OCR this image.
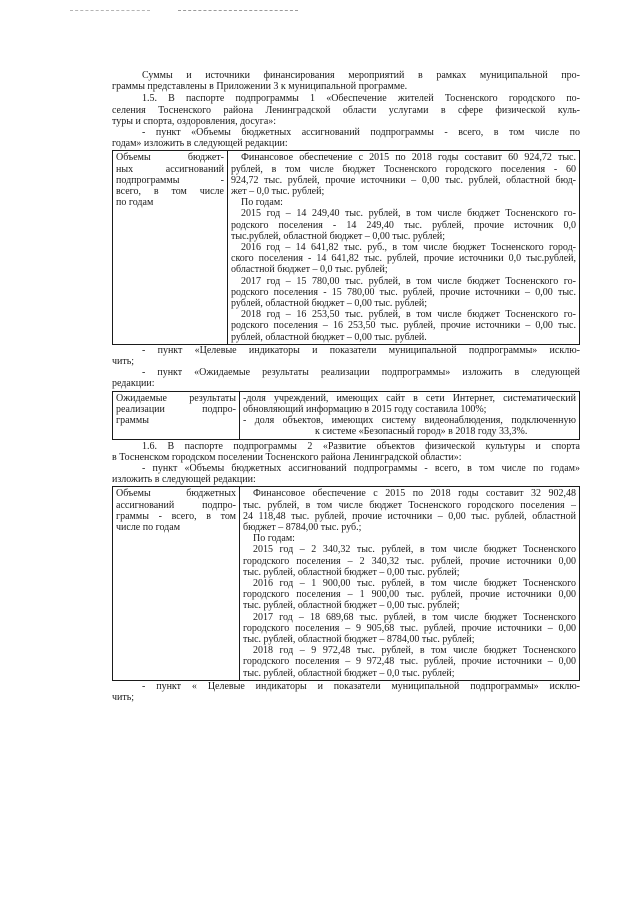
Суммы и источники финансирования мероприятий в рамках муниципальной про-
граммы представлены в Приложении 3 к муниципальной программе.
1.5. В паспорте подпрограммы 1 «Обеспечение жителей Тосненского городского по-
селения Тосненского района Ленинградской области услугами в сфере физической куль-
туры и спорта, оздоровления, досуга»:
- пункт «Объемы бюджетных ассигнований подпрограммы - всего, в том числе по
годам» изложить в следующей редакции:
Объемы бюджет-
ных ассигнований
подпрограммы -
всего, в том числе
по годам

Финансовое обеспечение с 2015 по 2018 годы составит 60 924,72 тыс.
рублей, в том числе бюджет Тосненского городского поселения - 60
924,72 тыс. рублей, прочие источники – 0,00 тыс. рублей, областной бюд-
жет – 0,0 тыс. рублей;
По годам:
2015 год – 14 249,40 тыс. рублей, в том числе бюджет Тосненского го-
родского поселения - 14 249,40 тыс. рублей, прочие источник 0,0
тыс.рублей, областной бюджет – 0,00 тыс. рублей;
2016 год – 14 641,82 тыс. руб., в том числе бюджет Тосненского город-
ского поселения - 14 641,82 тыс. рублей, прочие источники 0,0 тыс.рублей,
областной бюджет – 0,0 тыс. рублей;
2017 год – 15 780,00 тыс. рублей, в том числе бюджет Тосненского го-
родского поселения - 15 780,00 тыс. рублей, прочие источники – 0,00 тыс.
рублей, областной бюджет – 0,00 тыс. рублей;
2018 год – 16 253,50 тыс. рублей, в том числе бюджет Тосненского го-
родского поселения – 16 253,50 тыс. рублей, прочие источники – 0,00 тыс.
рублей, областной бюджет – 0,00 тыс. рублей.
- пункт «Целевые индикаторы и показатели муниципальной подпрограммы» исклю-
чить;
- пункт «Ожидаемые результаты реализации подпрограммы» изложить в следующей
редакции:
Ожидаемые результаты
реализации подпро-
граммы

-доля учреждений, имеющих сайт в сети Интернет, систематический
обновляющий информацию в 2015 году составила 100%;
- доля объектов, имеющих систему видеонаблюдения, подключенную
к системе «Безопасный город» в 2018 году 33,3%.
1.6. В паспорте подпрограммы 2 «Развитие объектов физической культуры и спорта
в Тосненском городском поселении Тосненского района Ленинградской области»:
- пункт «Объемы бюджетных ассигнований подпрограммы - всего, в том числе по годам»
изложить в следующей редакции:
Объемы бюджетных
ассигнований подпро-
граммы - всего, в том
числе по годам

Финансовое обеспечение с 2015 по 2018 годы составит 32 902,48
тыс. рублей, в том числе бюджет Тосненского городского поселения –
24 118,48 тыс. рублей, прочие источники – 0,00 тыс. рублей, областной
бюджет – 8784,00 тыс. руб.;
По годам:
2015 год – 2 340,32 тыс. рублей, в том числе бюджет Тосненского
городского поселения – 2 340,32 тыс. рублей, прочие источники 0,00
тыс. рублей, областной бюджет – 0,00 тыс. рублей;
2016 год – 1 900,00 тыс. рублей, в том числе бюджет Тосненского
городского поселения – 1 900,00 тыс. рублей, прочие источники 0,00
тыс. рублей, областной бюджет – 0,00 тыс. рублей;
2017 год – 18 689,68 тыс. рублей, в том числе бюджет Тосненского
городского поселения – 9 905,68 тыс. рублей, прочие источники – 0,00
тыс. рублей, областной бюджет – 8784,00 тыс. рублей;
2018 год – 9 972,48 тыс. рублей, в том числе бюджет Тосненского
городского поселения – 9 972,48 тыс. рублей, прочие источники – 0,00
тыс. рублей, областной бюджет – 0,0 тыс. рублей;
- пункт « Целевые индикаторы и показатели муниципальной подпрограммы» исклю-
чить;
